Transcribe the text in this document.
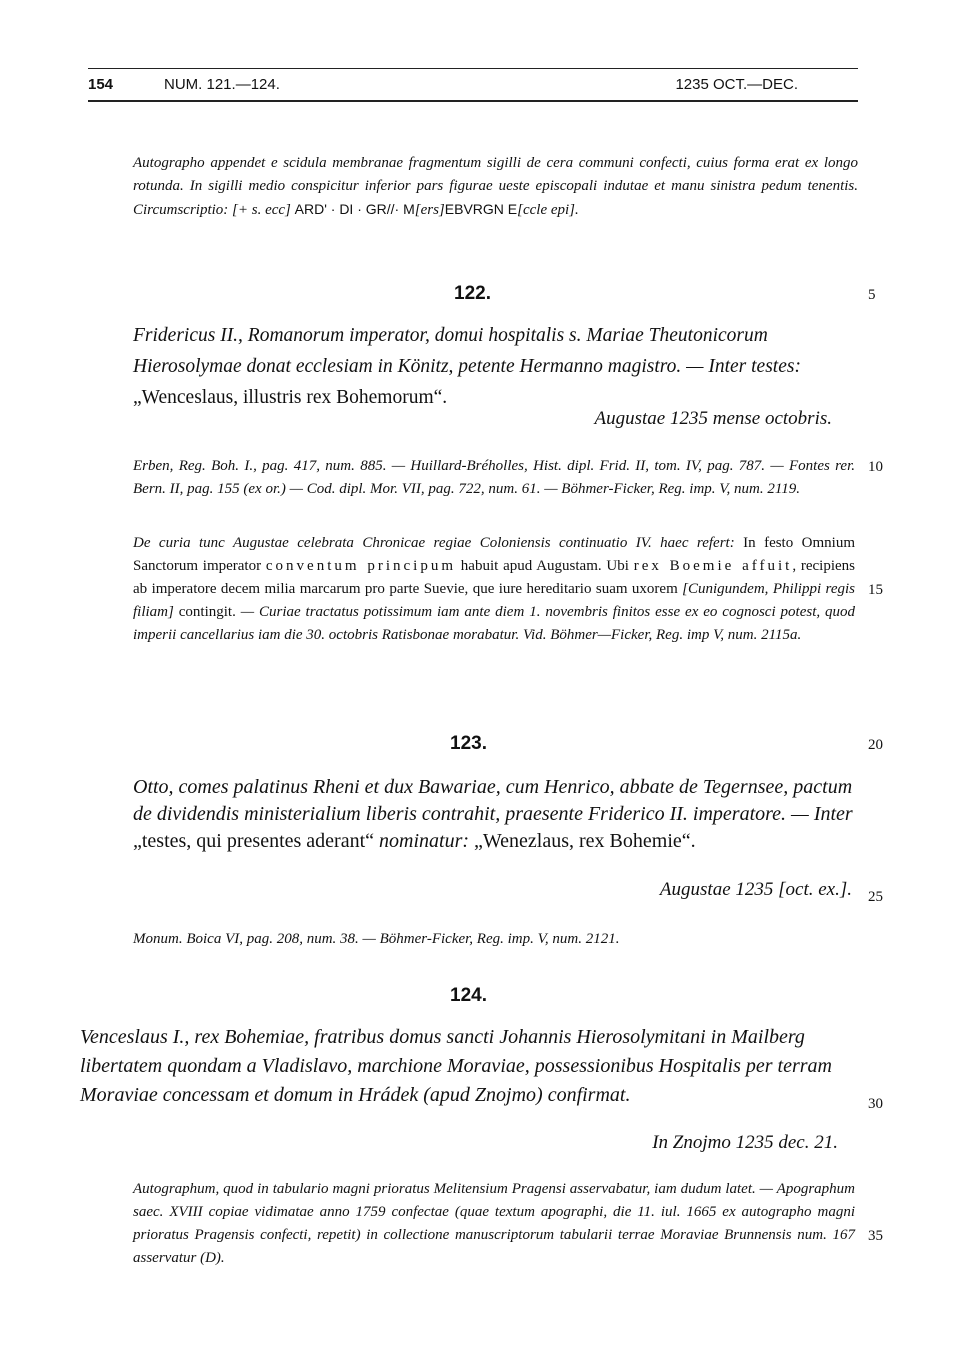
154	NUM. 121.—124.	1235 OCT.—DEC.
Autographo appendet e scidula membranae fragmentum sigilli de cera communi confecti, cuius forma erat ex longo rotunda. In sigilli medio conspicitur inferior pars figurae ueste episcopali indutae et manu sinistra pedum tenentis. Circumscriptio: [+ s. ecc] ARD' · DI · GR//· M[ers]EBVRGN E[ccle epi].
122.
Fridericus II., Romanorum imperator, domui hospitalis s. Mariae Theutonicorum Hierosolymae donat ecclesiam in Könitz, petente Hermanno magistro. — Inter testes: „Wenceslaus, illustris rex Bohemorum“.
Augustae 1235 mense octobris.
Erben, Reg. Boh. I., pag. 417, num. 885. — Huillard-Bréholles, Hist. dipl. Frid. II, tom. IV, pag. 787. — Fontes rer. Bern. II, pag. 155 (ex or.) — Cod. dipl. Mor. VII, pag. 722, num. 61. — Böhmer-Ficker, Reg. imp. V, num. 2119.
De curia tunc Augustae celebrata Chronicae regiae Coloniensis continuatio IV. haec refert: In festo Omnium Sanctorum imperator conventum principum habuit apud Augustam. Ubi rex Boemie affuit, recipiens ab imperatore decem milia marcarum pro parte Suevie, que iure hereditario suam uxorem [Cunigundem, Philippi regis filiam] contingit. — Curiae tractatus potissimum iam ante diem 1. novembris finitos esse ex eo cognosci potest, quod imperii cancellarius iam die 30. octobris Ratisbonae morabatur. Vid. Böhmer—Ficker, Reg. imp V, num. 2115a.
123.
Otto, comes palatinus Rheni et dux Bawariae, cum Henrico, abbate de Tegernsee, pactum de dividendis ministerialium liberis contrahit, praesente Friderico II. imperatore. — Inter „testes, qui presentes aderant“ nominatur: „Wenezlaus, rex Bohemie“.
Augustae 1235 [oct. ex.].
Monum. Boica VI, pag. 208, num. 38. — Böhmer-Ficker, Reg. imp. V, num. 2121.
124.
Venceslaus I., rex Bohemiae, fratribus domus sancti Johannis Hierosolymitani in Mailberg libertatem quondam a Vladislavo, marchione Moraviae, possessionibus Hospitalis per terram Moraviae concessam et domum in Hrádek (apud Znojmo) confirmat.
In Znojmo 1235 dec. 21.
Autographum, quod in tabulario magni prioratus Melitensium Pragensi asservabatur, iam dudum latet. — Apographum saec. XVIII copiae vidimatae anno 1759 confectae (quae textum apographi, die 11. iul. 1665 ex autographo magni prioratus Pragensis confecti, repetit) in collectione manuscriptorum tabularii terrae Moraviae Brunnensis num. 167 asservatur (D).
5
10
15
20
25
30
35
